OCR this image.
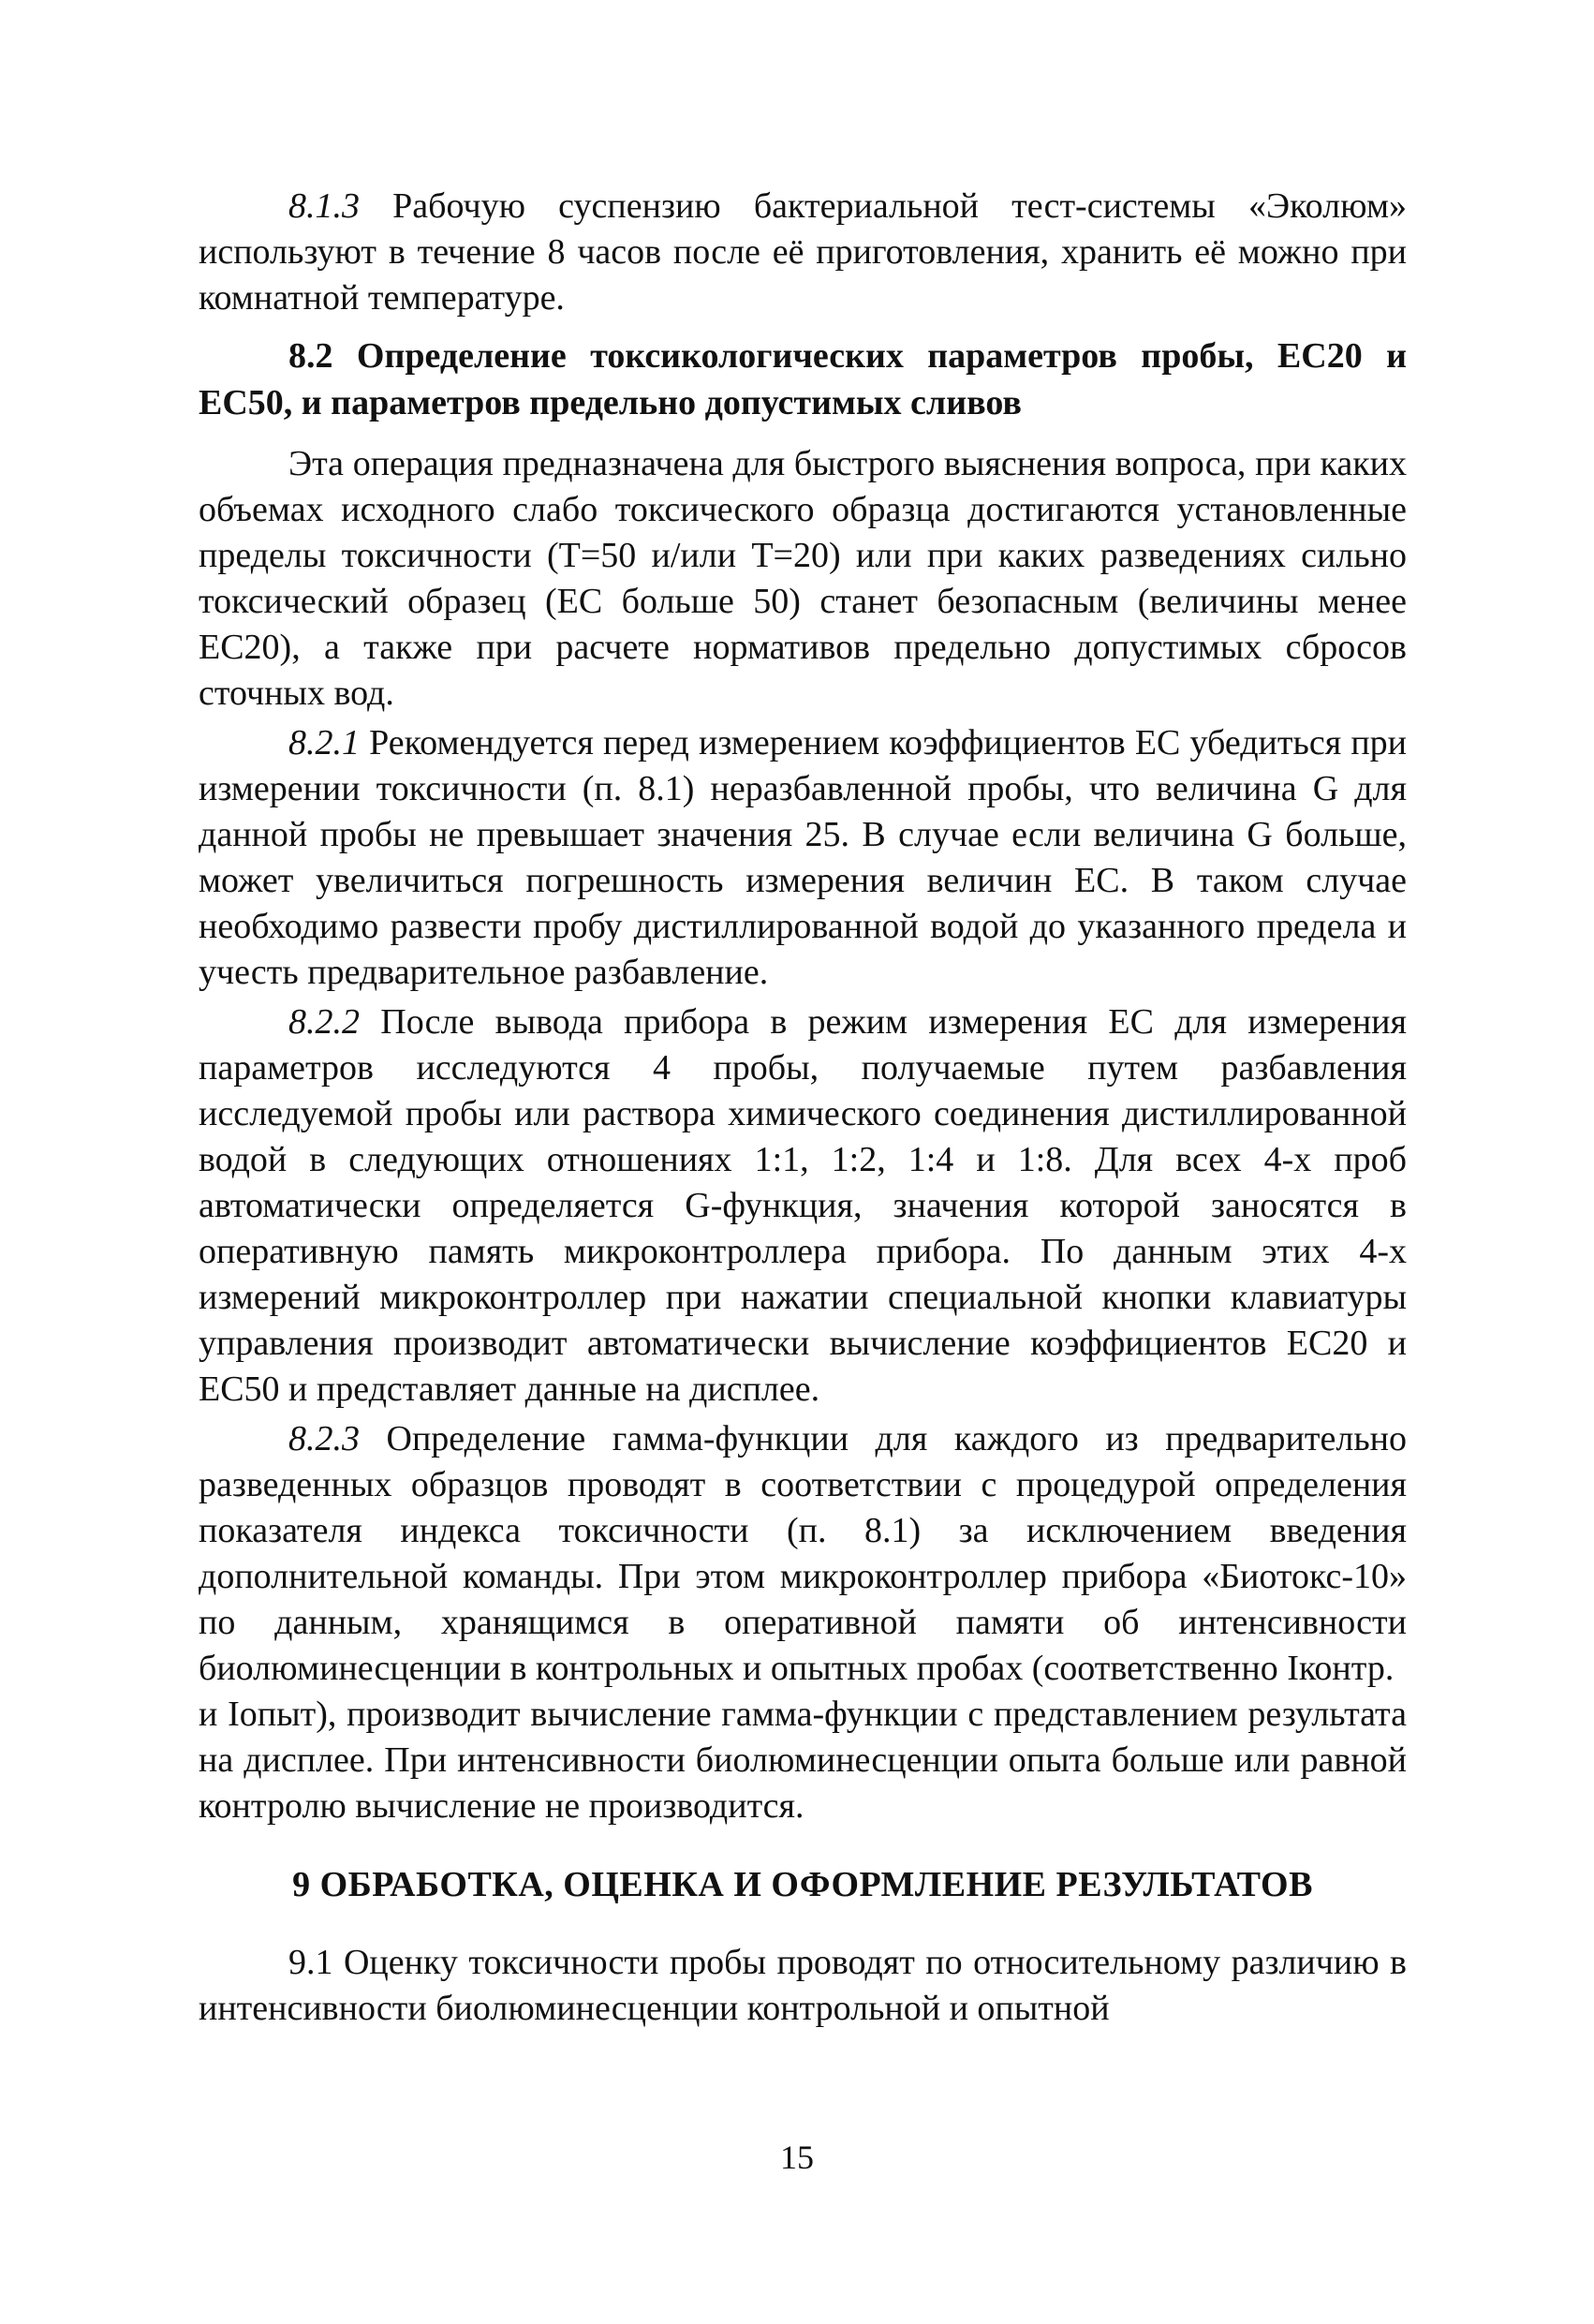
8.1.3 Рабочую суспензию бактериальной тест-системы «Эколюм» используют в течение 8 часов после её приготовления, хранить её можно при комнатной температуре.

8.2 Определение токсикологических параметров пробы, ЕС20 и ЕС50, и параметров предельно допустимых сливов

Эта операция предназначена для быстрого выяснения вопроса, при каких объемах исходного слабо токсического образца достигаются установленные пределы токсичности (Т=50 и/или Т=20) или при каких разведениях сильно токсический образец (ЕС больше 50) станет безопасным (величины менее ЕС20), а также при расчете нормативов предельно допустимых сбросов сточных вод.

8.2.1 Рекомендуется перед измерением коэффициентов ЕС убедиться при измерении токсичности (п. 8.1) неразбавленной пробы, что величина G для данной пробы не превышает значения 25. В случае если величина G больше, может увеличиться погрешность измерения величин ЕС. В таком случае необходимо развести пробу дистиллированной водой до указанного предела и учесть предварительное разбавление.

8.2.2 После вывода прибора в режим измерения ЕС для измерения параметров исследуются 4 пробы, получаемые путем разбавления исследуемой пробы или раствора химического соединения дистиллированной водой в следующих отношениях 1:1, 1:2, 1:4 и 1:8. Для всех 4-х проб автоматически определяется G-функция, значения которой заносятся в оперативную память микроконтроллера прибора. По данным этих 4-х измерений микроконтроллер при нажатии специальной кнопки клавиатуры управления производит автоматически вычисление коэффициентов ЕС20 и ЕС50 и представляет данные на дисплее.

8.2.3 Определение гамма-функции для каждого из предварительно разведенных образцов проводят в соответствии с процедурой определения показателя индекса токсичности (п. 8.1) за исключением введения дополнительной команды. При этом микроконтроллер прибора «Биотокс-10» по данным, хранящимся в оперативной памяти об интенсивности биолюминесценции в контрольных и опытных пробах (соответственно Iконтр.

и Iопыт), производит вычисление гамма-функции с представлением результата на дисплее. При интенсивности биолюминесценции опыта больше или равной контролю вычисление не производится.

9 ОБРАБОТКА, ОЦЕНКА И ОФОРМЛЕНИЕ РЕЗУЛЬТАТОВ

9.1 Оценку токсичности пробы проводят по относительному различию в интенсивности биолюминесценции контрольной и опытной

15
